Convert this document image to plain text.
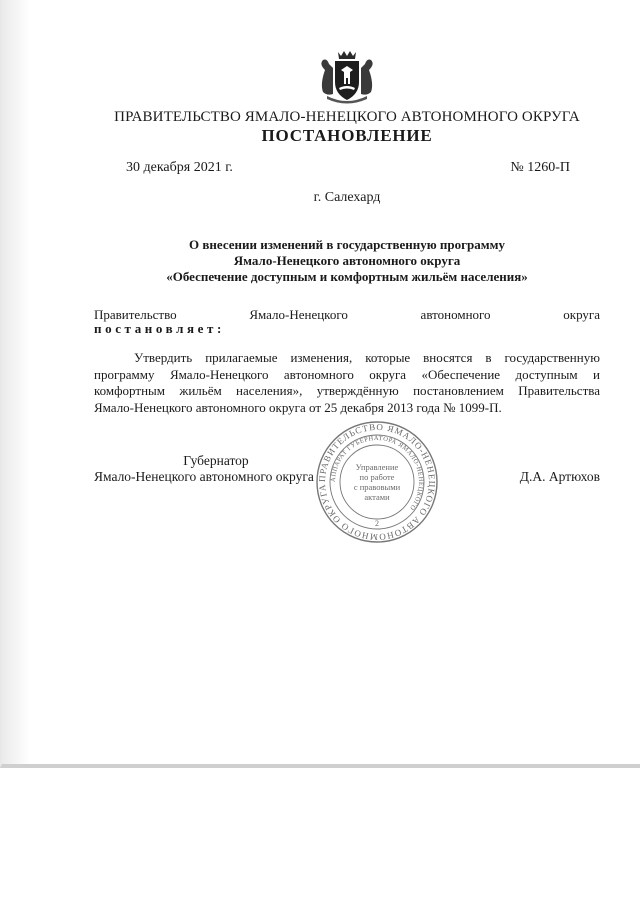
ПРАВИТЕЛЬСТВО ЯМАЛО-НЕНЕЦКОГО АВТОНОМНОГО ОКРУГА
ПОСТАНОВЛЕНИЕ
30 декабря 2021 г.	№ 1260-П
г. Салехард
О внесении изменений в государственную программу
Ямало-Ненецкого автономного округа
«Обеспечение доступным и комфортным жильём населения»
Правительство	Ямало-Ненецкого	автономного	округа
постановляет:
Утвердить прилагаемые изменения, которые вносятся в государственную
программу Ямало-Ненецкого автономного округа «Обеспечение доступным и
комфортным жильём населения», утверждённую постановлением Правительства
Ямало-Ненецкого автономного округа от 25 декабря 2013 года № 1099-П.
ПРАВИТЕЛЬСТВО ЯМАЛО-НЕНЕЦКОГО АВТОНОМНОГО ОКРУГА
АППАРАТ ГУБЕРНАТОРА ЯМАЛО-НЕНЕЦКОГО
2
Управление
по работе
с правовыми
актами
Губернатор
Ямало-Ненецкого автономного округа	Д.А. Артюхов
